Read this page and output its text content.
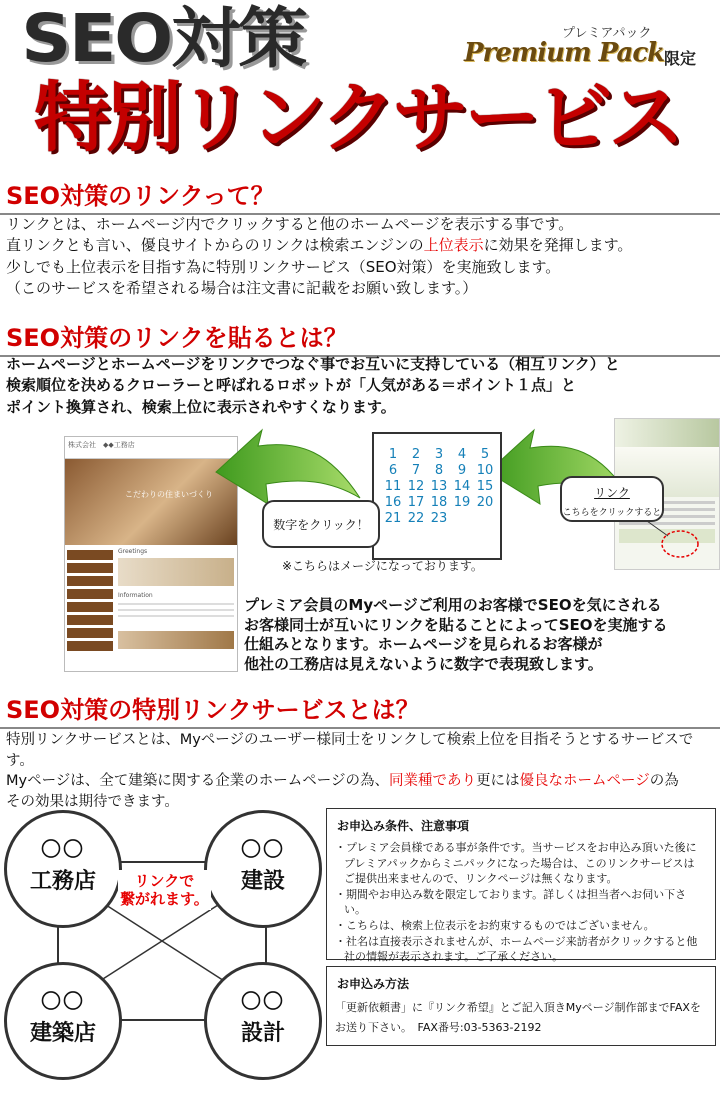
SEO対策	プレミアパック
Premium Pack 限定
特別リンクサービス
SEO対策のリンクって？
リンクとは、ホームページ内でクリックすると他のホームページを表示する事です。
直リンクとも言い、優良サイトからのリンクは検索エンジンの上位表示に効果を発揮します。
少しでも上位表示を目指す為に特別リンクサービス（SEO対策）を実施致します。
（このサービスを希望される場合は注文書に記載をお願い致します。）
SEO対策のリンクを貼るとは？
ホームページとホームページをリンクでつなぐ事でお互いに支持している（相互リンク）と
検索順位を決めるクローラーと呼ばれるロボットが「人気がある＝ポイント１点」と
ポイント換算され、検索上位に表示されやすくなります。
株式会社　◆◆工務店
こだわりの住まいづくり
Greetings
Information
1	2	3	4	5
6	7	8	9 10
11 12 13 14 15
16 17 18 19 20
21 22 23
数字をクリック！
リンク
こちらをクリックすると
※こちらはメージになっております。
プレミア会員のMyページご利用のお客様でSEOを気にされる
お客様同士が互いにリンクを貼ることによってSEOを実施する
仕組みとなります。ホームページを見られるお客様が
他社の工務店は見えないように数字で表現致します。
SEO対策の特別リンクサービスとは？
特別リンクサービスとは、Myページのユーザー様同士をリンクして検索上位を目指そうとするサービスです。
Myページは、全て建築に関する企業のホームページの為、同業種であり更には優良なホームページの為
その効果は期待できます。
〇〇
工務店
〇〇
建設
〇〇
建築店
〇〇
設計
リンクで
繋がれます。
お申込み条件、注意事項
・プレミア会員様である事が条件です。当サービスをお申込み頂いた後に
プレミアパックからミニパックになった場合は、このリンクサービスは
ご提供出来ませんので、リンクページは無くなります。
・期間やお申込み数を限定しております。詳しくは担当者へお伺い下さい。
・こちらは、検索上位表示をお約束するものではございません。
・社名は直接表示されませんが、ホームページ来訪者がクリックすると他
社の情報が表示されます。ご了承ください。
お申込み方法
「更新依頼書」に『リンク希望』とご記入頂きMyページ制作部までFAXを
お送り下さい。　FAX番号:03-5363-2192
